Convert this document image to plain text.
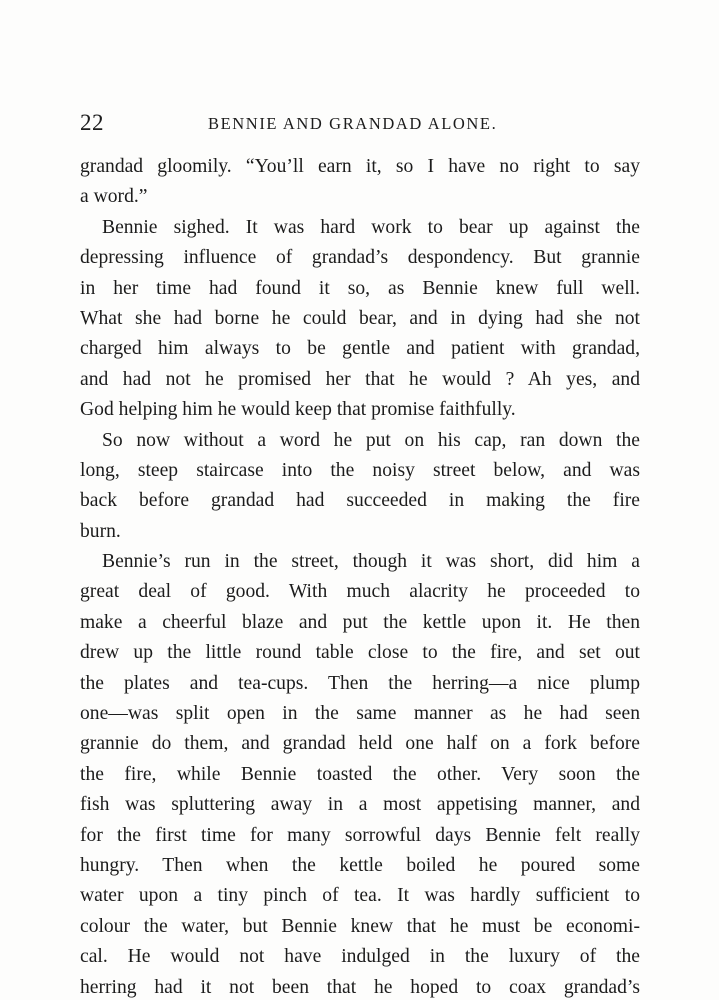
22	BENNIE AND GRANDAD ALONE.
grandad gloomily. “You’ll earn it, so I have no right to say
a word.”
Bennie sighed. It was hard work to bear up against the
depressing influence of grandad’s despondency. But grannie
in her time had found it so, as Bennie knew full well.
What she had borne he could bear, and in dying had she not
charged him always to be gentle and patient with grandad,
and had not he promised her that he would ? Ah yes, and
God helping him he would keep that promise faithfully.
So now without a word he put on his cap, ran down the
long, steep staircase into the noisy street below, and was
back before grandad had succeeded in making the fire
burn.
Bennie’s run in the street, though it was short, did him a
great deal of good. With much alacrity he proceeded to
make a cheerful blaze and put the kettle upon it. He then
drew up the little round table close to the fire, and set out
the plates and tea-cups. Then the herring—a nice plump
one—was split open in the same manner as he had seen
grannie do them, and grandad held one half on a fork before
the fire, while Bennie toasted the other. Very soon the
fish was spluttering away in a most appetising manner, and
for the first time for many sorrowful days Bennie felt really
hungry. Then when the kettle boiled he poured some
water upon a tiny pinch of tea. It was hardly sufficient to
colour the water, but Bennie knew that he must be economi-
cal. He would not have indulged in the luxury of the
herring had it not been that he hoped to coax grandad’s
